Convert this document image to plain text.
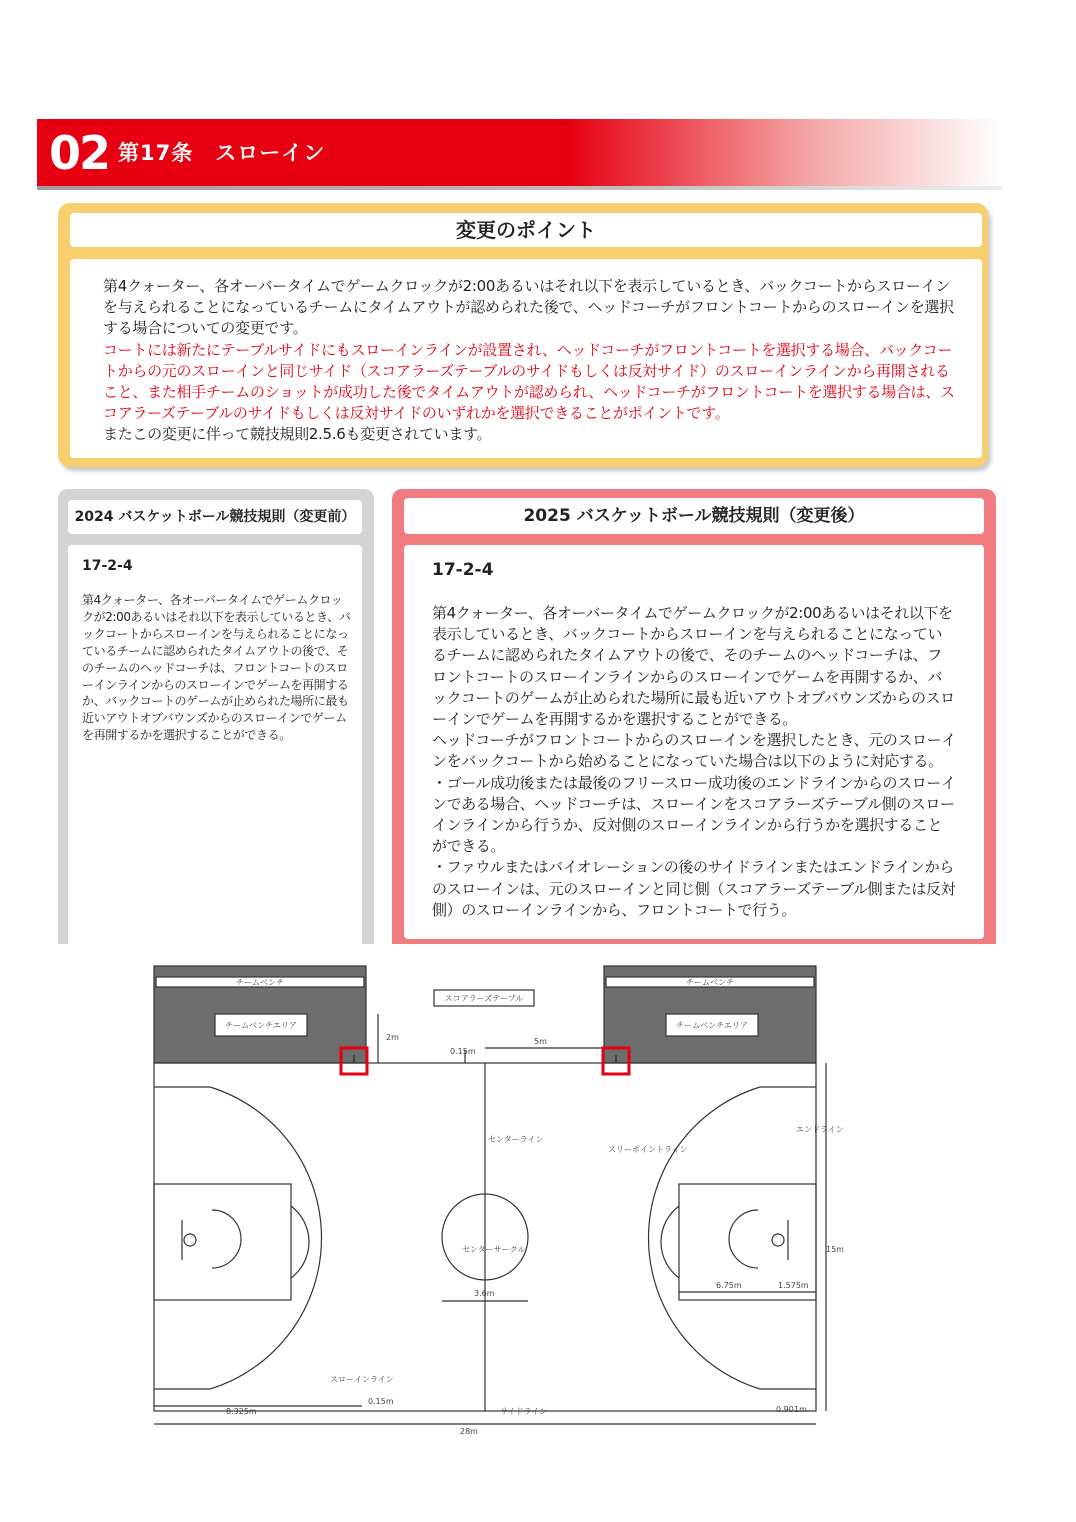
02 第17条　スローイン
変更のポイント
第4クォーター、各オーバータイムでゲームクロックが2:00あるいはそれ以下を表示しているとき、バックコートからスローインを与えられることになっているチームにタイムアウトが認められた後で、ヘッドコーチがフロントコートからのスローインを選択する場合についての変更です。
コートには新たにテーブルサイドにもスローインラインが設置され、ヘッドコーチがフロントコートを選択する場合、バックコートからの元のスローインと同じサイド（スコアラーズテーブルのサイドもしくは反対サイド）のスローインラインから再開されること、また相手チームのショットが成功した後でタイムアウトが認められ、ヘッドコーチがフロントコートを選択する場合は、スコアラーズテーブルのサイドもしくは反対サイドのいずれかを選択できることがポイントです。
またこの変更に伴って競技規則2.5.6も変更されています。
2024 バスケットボール競技規則（変更前）
17-2-4
第4クォーター、各オーバータイムでゲームクロックが2:00あるいはそれ以下を表示しているとき、バックコートからスローインを与えられることになっているチームに認められたタイムアウトの後で、そのチームのヘッドコーチは、フロントコートのスローインラインからのスローインでゲームを再開するか、バックコートのゲームが止められた場所に最も近いアウトオブバウンズからのスローインでゲームを再開するかを選択することができる。
2025 バスケットボール競技規則（変更後）
17-2-4
第4クォーター、各オーバータイムでゲームクロックが2:00あるいはそれ以下を表示しているとき、バックコートからスローインを与えられることになっているチームに認められたタイムアウトの後で、そのチームのヘッドコーチは、フロントコートのスローインラインからのスローインでゲームを再開するか、バックコートのゲームが止められた場所に最も近いアウトオブバウンズからのスローインでゲームを再開するかを選択することができる。
ヘッドコーチがフロントコートからのスローインを選択したとき、元のスローインをバックコートから始めることになっていた場合は以下のように対応する。
・ゴール成功後または最後のフリースロー成功後のエンドラインからのスローインである場合、ヘッドコーチは、スローインをスコアラーズテーブル側のスローインラインから行うか、反対側のスローインラインから行うかを選択することができる。
・ファウルまたはバイオレーションの後のサイドラインまたはエンドラインからのスローインは、元のスローインと同じ側（スコアラーズテーブル側または反対側）のスローインラインから、フロントコートで行う。
チームベンチ	チームベンチ
チームベンチエリア	チームベンチエリア
スコアラーズテーブル
2m
0.15m
5m
センターライン
センターサークル
3.6m
スリーポイントライン
エンドライン
15m
6.75m	1.575m
スローインライン
0.15m
8.325m	サイドライン	0.90 1m
28m
